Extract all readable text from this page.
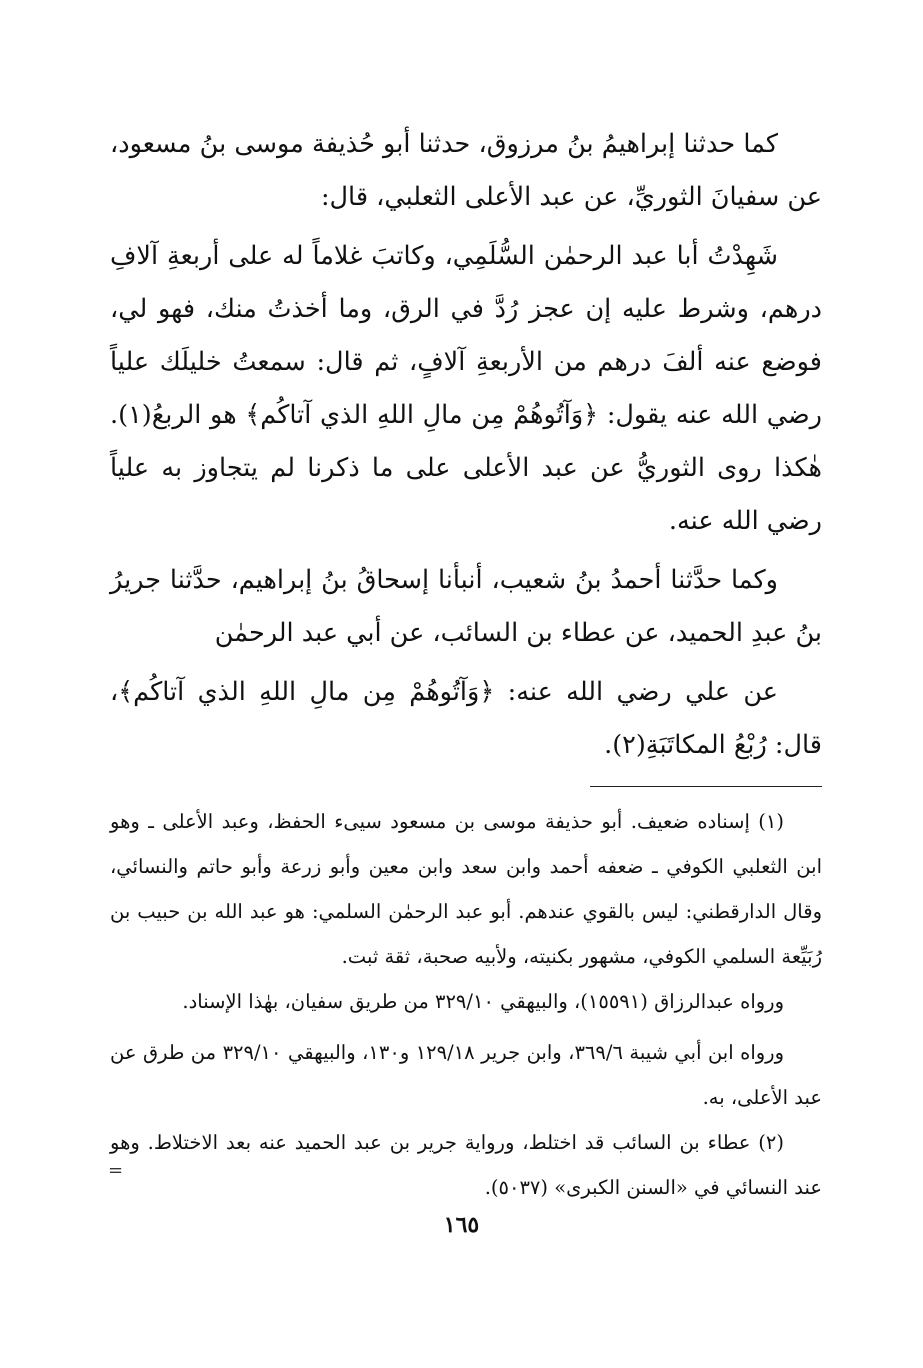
كما حدثنا إبراهيمُ بنُ مرزوق، حدثنا أبو حُذيفة موسى بنُ مسعود، عن سفيانَ الثوريِّ، عن عبد الأعلى الثعلبي، قال:

شَهِدْتُ أبا عبد الرحمٰن السُّلَمِي، وكاتبَ غلاماً له على أربعةِ آلافِ درهم، وشرط عليه إن عجز رُدَّ في الرق، وما أخذتُ منك، فهو لي، فوضع عنه ألفَ درهم من الأربعةِ آلافٍ، ثم قال: سمعتُ خليلَك علياً رضي الله عنه يقول: ﴿وَآتُوهُمْ مِن مالِ اللهِ الذي آتاكُم﴾ هو الربعُ(١). هٰكذا روى الثوريُّ عن عبد الأعلى على ما ذكرنا لم يتجاوز به علياً رضي الله عنه.

وكما حدَّثنا أحمدُ بنُ شعيب، أنبأنا إسحاقُ بنُ إبراهيم، حدَّثنا جريرُ بنُ عبدِ الحميد، عن عطاء بن السائب، عن أبي عبد الرحمٰن

عن علي رضي الله عنه: ﴿وَآتُوهُمْ مِن مالِ اللهِ الذي آتاكُم﴾، قال: رُبْعُ المكاتَبَةِ(٢).

(١) إسناده ضعيف. أبو حذيفة موسى بن مسعود سيىء الحفظ، وعبد الأعلى ـ وهو ابن الثعلبي الكوفي ـ ضعفه أحمد وابن سعد وابن معين وأبو زرعة وأبو حاتم والنسائي، وقال الدارقطني: ليس بالقوي عندهم. أبو عبد الرحمٰن السلمي: هو عبد الله بن حبيب بن رُبَيِّعة السلمي الكوفي، مشهور بكنيته، ولأبيه صحبة، ثقة ثبت.

ورواه عبدالرزاق (١٥٥٩١)، والبيهقي ٣٢٩/١٠ من طريق سفيان، بهٰذا الإسناد.

ورواه ابن أبي شيبة ٣٦٩/٦، وابن جرير ١٢٩/١٨ و١٣٠، والبيهقي ٣٢٩/١٠ من طرق عن عبد الأعلى، به.

(٢) عطاء بن السائب قد اختلط، ورواية جرير بن عبد الحميد عنه بعد الاختلاط. وهو عند النسائي في «السنن الكبرى» (٥٠٣٧).

=
١٦٥
